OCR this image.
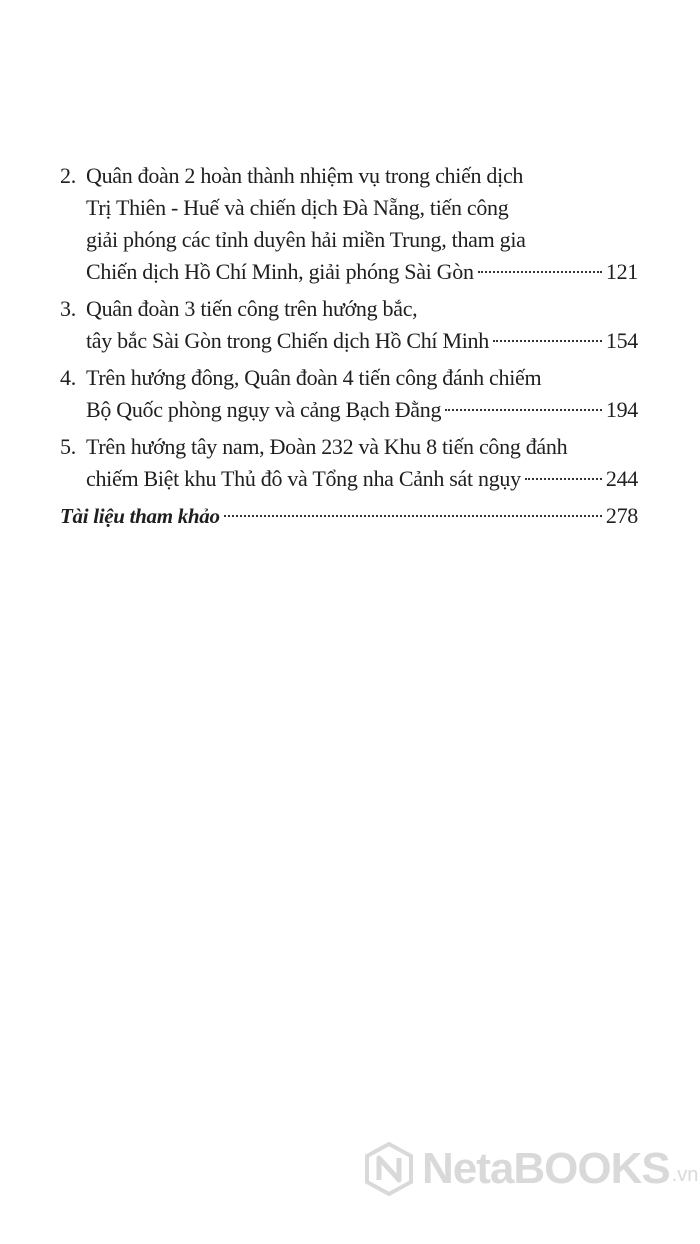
2. Quân đoàn 2 hoàn thành nhiệm vụ trong chiến dịch
Trị Thiên - Huế và chiến dịch Đà Nẵng, tiến công
giải phóng các tỉnh duyên hải miền Trung, tham gia
Chiến dịch Hồ Chí Minh, giải phóng Sài Gòn	121
3. Quân đoàn 3 tiến công trên hướng bắc,
tây bắc Sài Gòn trong Chiến dịch Hồ Chí Minh	154
4. Trên hướng đông, Quân đoàn 4 tiến công đánh chiếm
Bộ Quốc phòng ngụy và cảng Bạch Đằng	194
5. Trên hướng tây nam, Đoàn 232 và Khu 8 tiến công đánh
chiếm Biệt khu Thủ đô và Tổng nha Cảnh sát ngụy	244
Tài liệu tham khảo	278
NetaBOOKS .vn
